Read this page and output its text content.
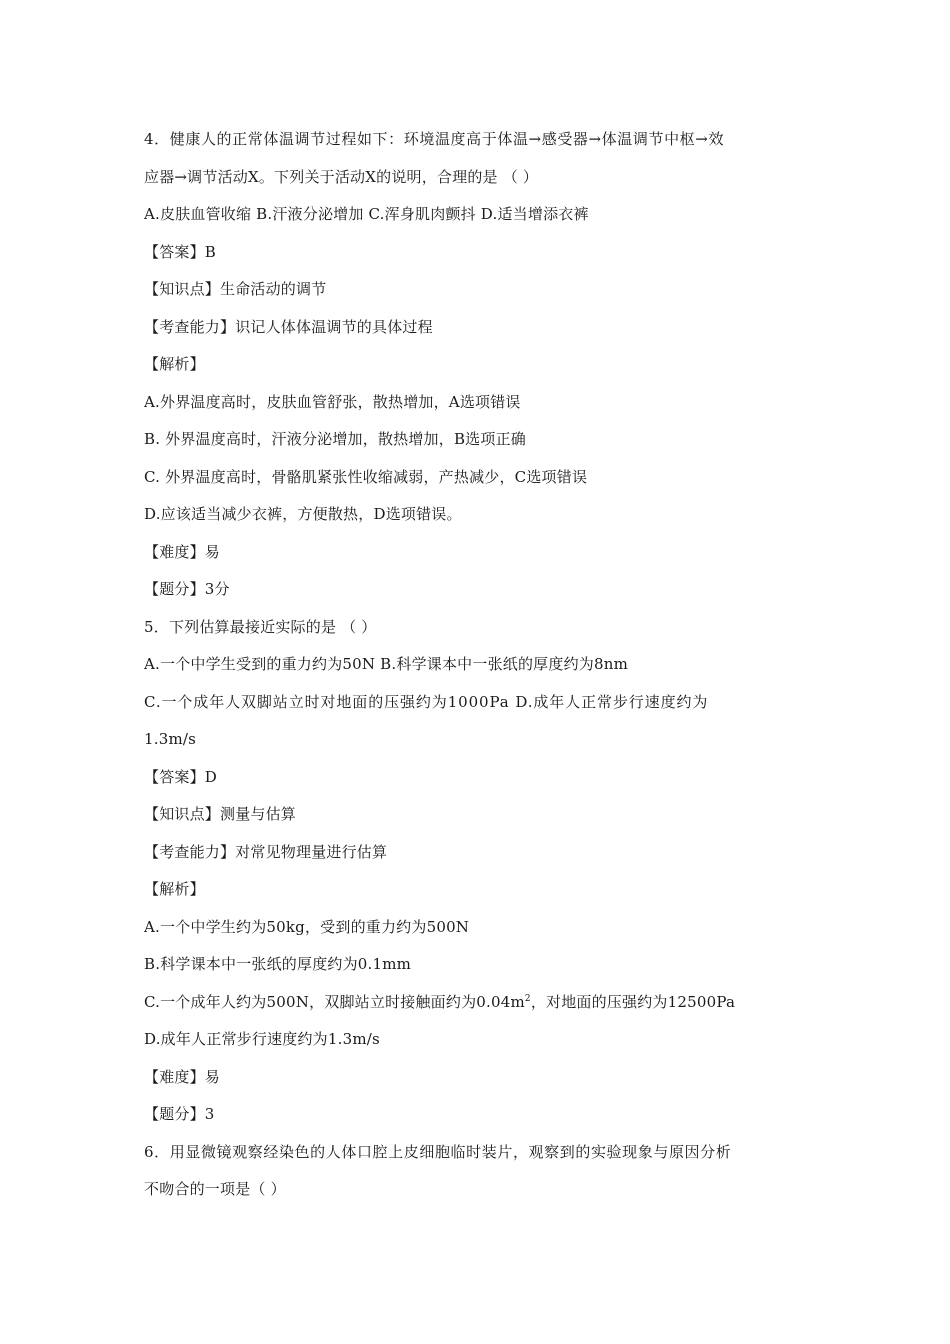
4．健康人的正常体温调节过程如下：环境温度高于体温→感受器→体温调节中枢→效
应器→调节活动Ⅹ。下列关于活动Ⅹ的说明，合理的是 （ ）
A.皮肤血管收缩 B.汗液分泌增加 C.浑身肌肉颤抖 D.适当增添衣裤
【答案】B
【知识点】生命活动的调节
【考查能力】识记人体体温调节的具体过程
【解析】
A.外界温度高时，皮肤血管舒张，散热增加，A选项错误
B. 外界温度高时，汗液分泌增加，散热增加，B选项正确
C. 外界温度高时，骨骼肌紧张性收缩减弱，产热减少，C选项错误
D.应该适当减少衣裤，方便散热，D选项错误。
【难度】易
【题分】3分
5．下列估算最接近实际的是 （ ）
A.一个中学生受到的重力约为50N B.科学课本中一张纸的厚度约为8nm
C.一个成年人双脚站立时对地面的压强约为1000Pa D.成年人正常步行速度约为
1.3m/s
【答案】D
【知识点】测量与估算
【考查能力】对常见物理量进行估算
【解析】
A.一个中学生约为50kg，受到的重力约为500N
B.科学课本中一张纸的厚度约为0.1mm
C.一个成年人约为500N，双脚站立时接触面约为$0.04m^2$，对地面的压强约为12500Pa
D.成年人正常步行速度约为1.3m/s
【难度】易
【题分】3
6．用显微镜观察经染色的人体口腔上皮细胞临时装片，观察到的实验现象与原因分析
不吻合的一项是（ ）
